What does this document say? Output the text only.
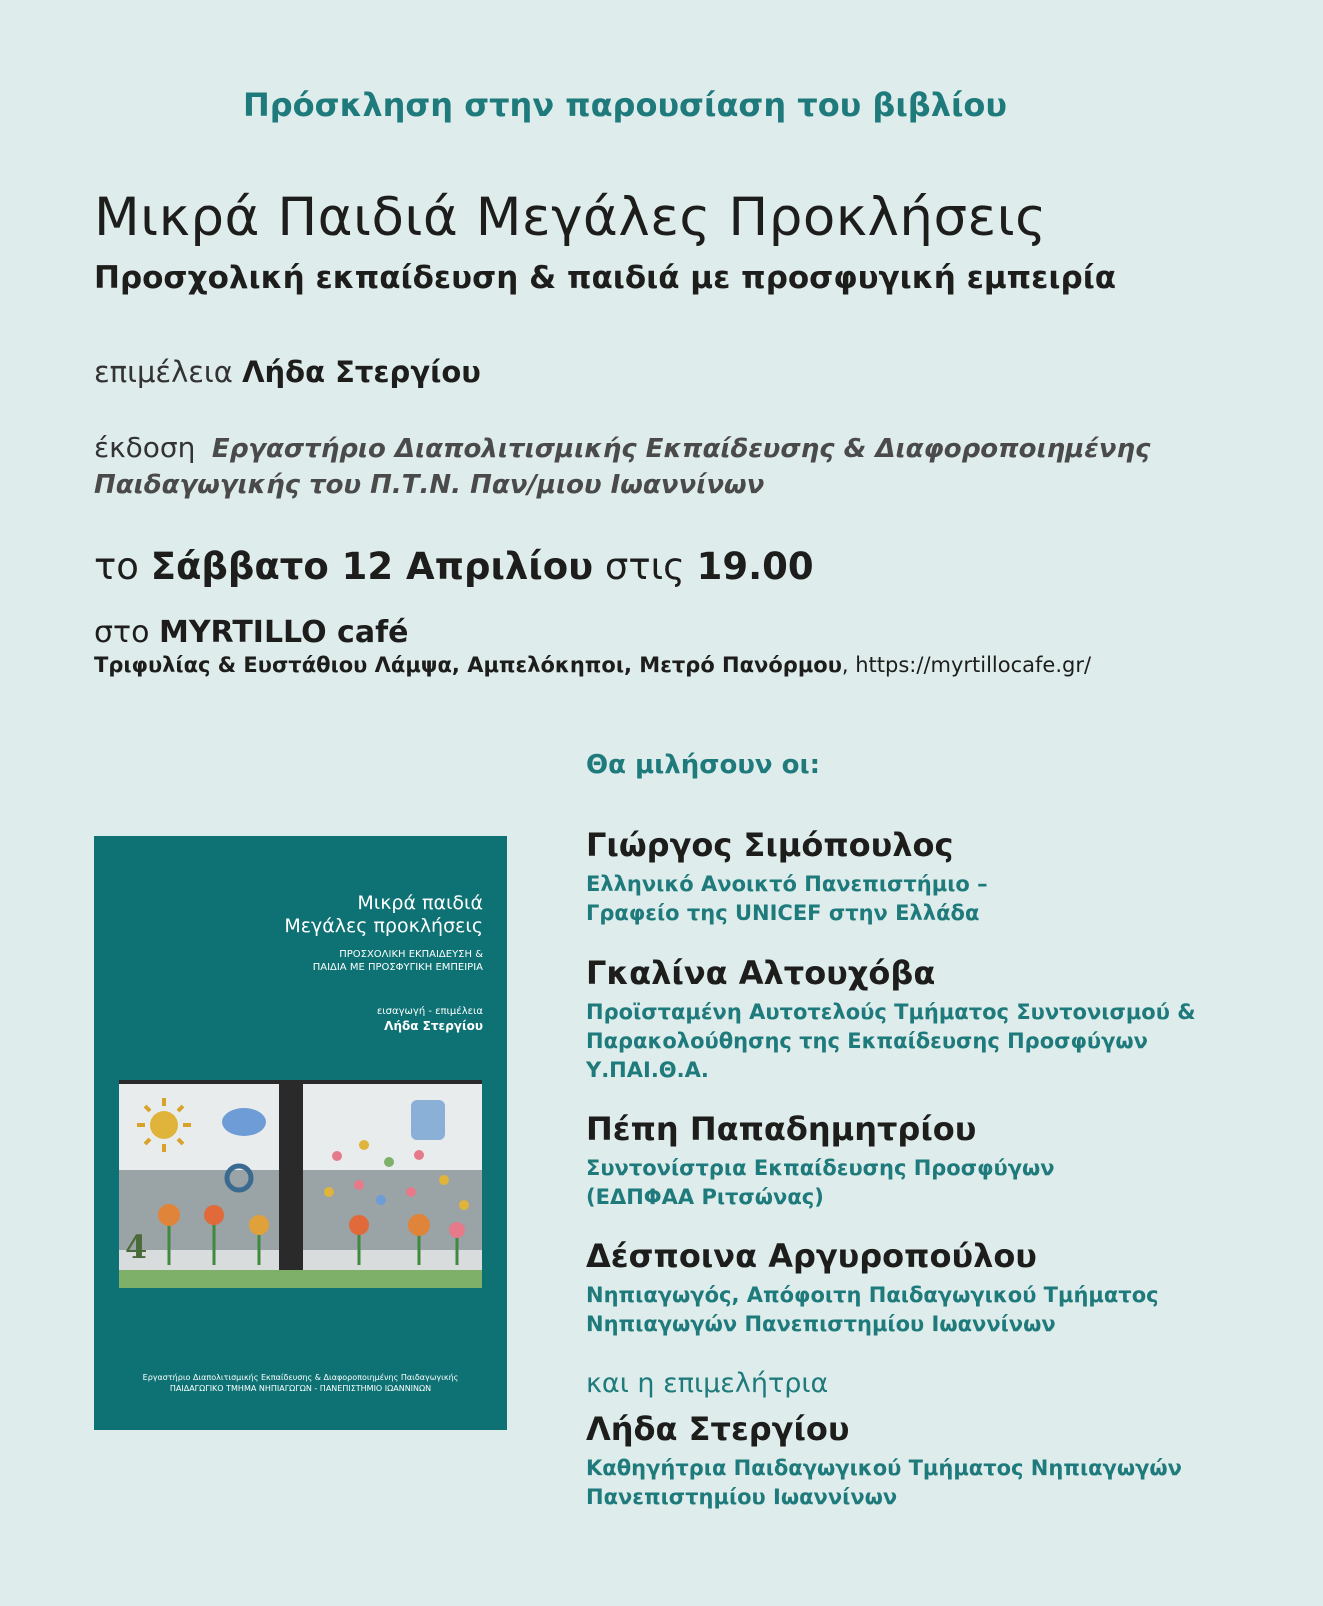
Πρόσκληση στην παρουσίαση του βιβλίου
Μικρά Παιδιά Μεγάλες Προκλήσεις
Προσχολική εκπαίδευση & παιδιά με προσφυγική εμπειρία
επιμέλεια Λήδα Στεργίου
έκδοση Εργαστήριο Διαπολιτισμικής Εκπαίδευσης & Διαφοροποιημένης Παιδαγωγικής του Π.Τ.Ν. Παν/μιου Ιωαννίνων
το Σάββατο 12 Απριλίου στις 19.00
στο MYRTILLO café
Τριφυλίας & Ευστάθιου Λάμψα, Αμπελόκηποι, Μετρό Πανόρμου, https://myrtillocafe.gr/
Μικρά παιδιά
Μεγάλες προκλήσεις
ΠΡΟΣΧΟΛΙΚΗ ΕΚΠΑΙΔΕΥΣΗ &
ΠΑΙΔΙΑ ΜΕ ΠΡΟΣΦΥΓΙΚΗ ΕΜΠΕΙΡΙΑ
εισαγωγή - επιμέλεια
Λήδα Στεργίου
4
Εργαστήριο Διαπολιτισμικής Εκπαίδευσης & Διαφοροποιημένης Παιδαγωγικής
ΠΑΙΔΑΓΩΓΙΚΟ ΤΜΗΜΑ ΝΗΠΙΑΓΩΓΩΝ - ΠΑΝΕΠΙΣΤΗΜΙΟ ΙΩΑΝΝΙΝΩΝ
Θα μιλήσουν οι:
Γιώργος Σιμόπουλος
Ελληνικό Ανοικτό Πανεπιστήμιο –
Γραφείο της UNICEF στην Ελλάδα
Γκαλίνα Αλτουχόβα
Προϊσταμένη Αυτοτελούς Τμήματος Συντονισμού &
Παρακολούθησης της Εκπαίδευσης Προσφύγων
Υ.ΠΑΙ.Θ.Α.
Πέπη Παπαδημητρίου
Συντονίστρια Εκπαίδευσης Προσφύγων
(ΕΔΠΦΑΑ Ριτσώνας)
Δέσποινα Αργυροπούλου
Νηπιαγωγός, Απόφοιτη Παιδαγωγικού Τμήματος
Νηπιαγωγών Πανεπιστημίου Ιωαννίνων
και η επιμελήτρια
Λήδα Στεργίου
Καθηγήτρια Παιδαγωγικού Τμήματος Νηπιαγωγών
Πανεπιστημίου Ιωαννίνων
